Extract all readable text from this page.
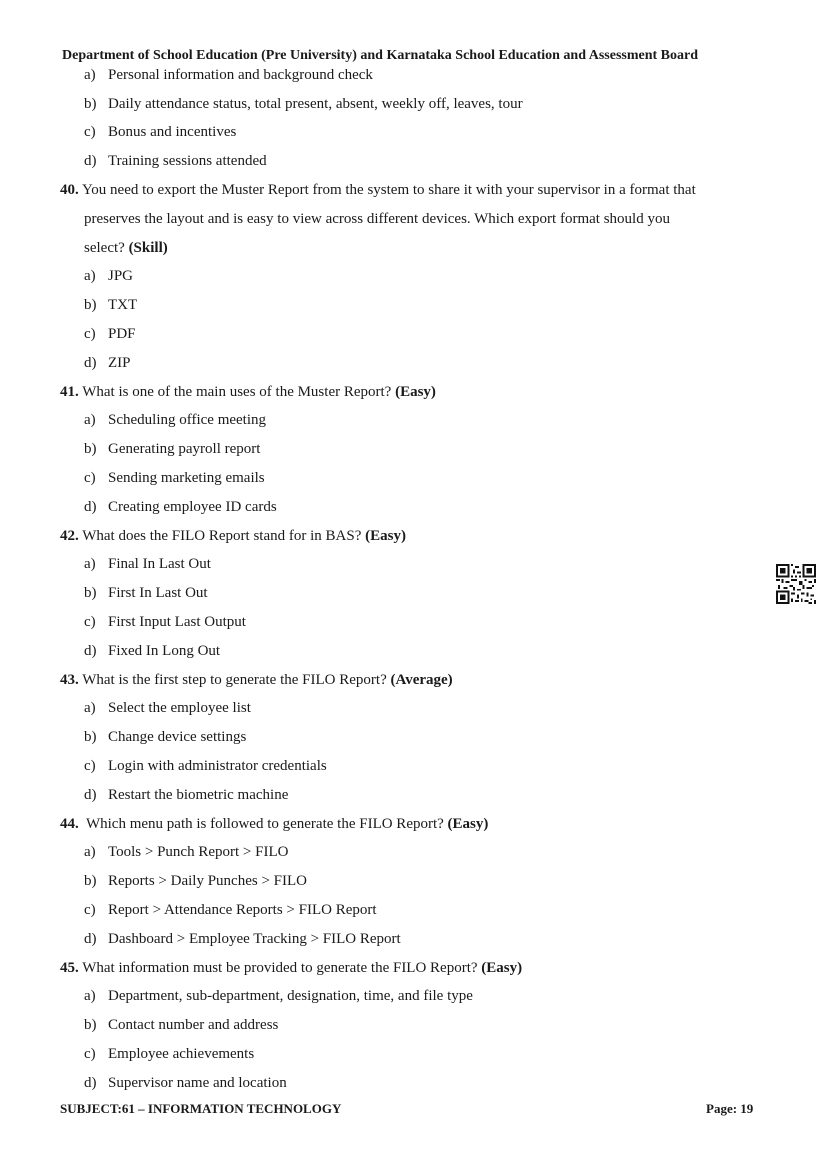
Department of School Education (Pre University) and Karnataka School Education and Assessment Board
a) Personal information and background check
b) Daily attendance status, total present, absent, weekly off, leaves, tour
c) Bonus and incentives
d) Training sessions attended
40. You need to export the Muster Report from the system to share it with your supervisor in a format that
preserves the layout and is easy to view across different devices. Which export format should you
select? (Skill)
a) JPG
b) TXT
c) PDF
d) ZIP
41. What is one of the main uses of the Muster Report? (Easy)
a) Scheduling office meeting
b) Generating payroll report
c) Sending marketing emails
d) Creating employee ID cards
42. What does the FILO Report stand for in BAS? (Easy)
a) Final In Last Out
b) First In Last Out
c) First Input Last Output
d) Fixed In Long Out
43. What is the first step to generate the FILO Report? (Average)
a) Select the employee list
b) Change device settings
c) Login with administrator credentials
d) Restart the biometric machine
44. Which menu path is followed to generate the FILO Report? (Easy)
a) Tools > Punch Report > FILO
b) Reports > Daily Punches > FILO
c) Report > Attendance Reports > FILO Report
d) Dashboard > Employee Tracking > FILO Report
45. What information must be provided to generate the FILO Report? (Easy)
a) Department, sub-department, designation, time, and file type
b) Contact number and address
c) Employee achievements
d) Supervisor name and location
SUBJECT:61 – INFORMATION TECHNOLOGY	Page: 19
